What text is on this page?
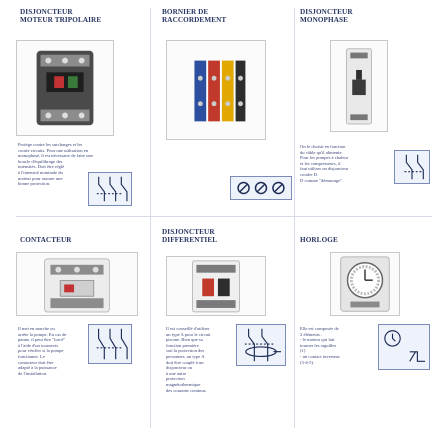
DISJONCTEUR
MOTEUR TRIPOLAIRE
Protège contre les surcharges et les
courts-circuits. Pour une utilisation en
monophasé, il est nécessaire de faire une
boucle d'équilibrage des
intensités. Doit être réglé
à l'intensité nominale du
moteur pour assurer une
bonne protection.
BORNIER DE
RACCORDEMENT
DISJONCTEUR
MONOPHASE
On le choisit en fonction
du câble qu'il alimente.
Pour les pompes à chaleur
et les compresseurs, il
faut utiliser un disjoncteur
courbe D.
D comme "démarrage".
CONTACTEUR
Il met en marche ou
arrête la pompe. En cas de
panne, il peut être "forcé"
à l'aide d'un tournevis
pour vérifier si la pompe
fonctionne. Le
contacteur doit être
adapté à la puissance
de l'installation.
DISJONCTEUR
DIFFERENTIEL
Il est conseillé d'utiliser
un type A pour le circuit
piscine. Bien que sa
fonction première
soit la protection des
personnes, un type A
doit être couplé à un
disjoncteur ou
à une autre
protection
magnétothermique
des courants continus.
HORLOGE
Elle est composée de
2 éléments :
- le moteur qui fait
tourner les aiguilles
(1)
- un contact inverseur
(3-4-5).
